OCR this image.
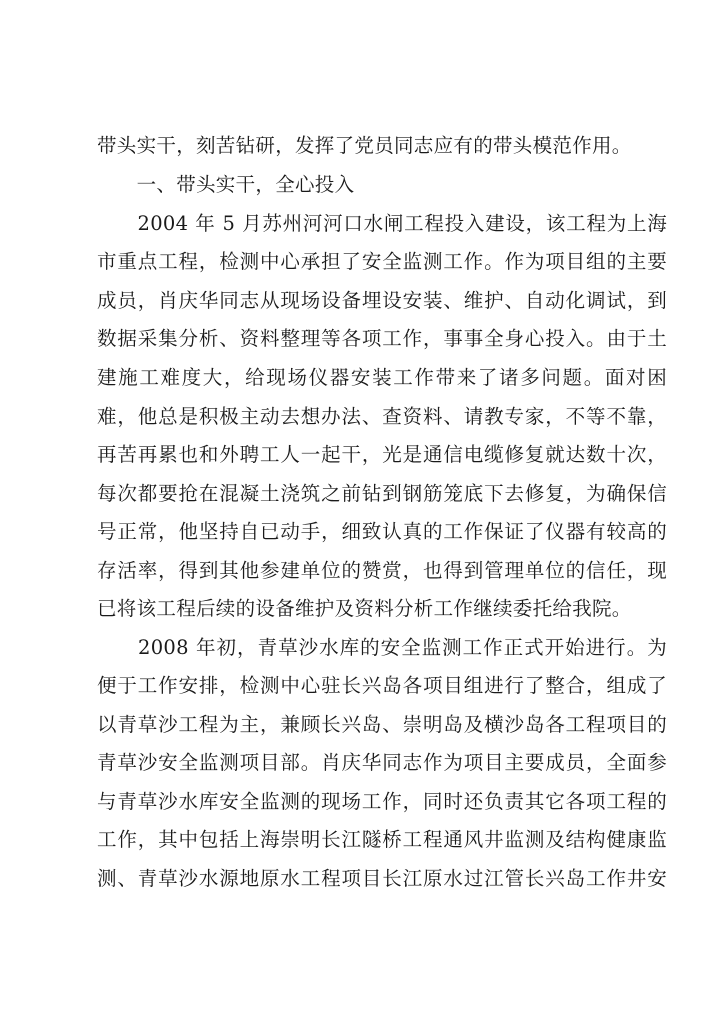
带头实干，刻苦钻研，发挥了党员同志应有的带头模范作用。
　　一、带头实干，全心投入
　　2004 年 5 月苏州河河口水闸工程投入建设，该工程为上海
市重点工程，检测中心承担了安全监测工作。作为项目组的主要
成员，肖庆华同志从现场设备埋设安装、维护、自动化调试，到
数据采集分析、资料整理等各项工作，事事全身心投入。由于土
建施工难度大，给现场仪器安装工作带来了诸多问题。面对困
难，他总是积极主动去想办法、查资料、请教专家，不等不靠，
再苦再累也和外聘工人一起干，光是通信电缆修复就达数十次，
每次都要抢在混凝土浇筑之前钻到钢筋笼底下去修复，为确保信
号正常，他坚持自已动手，细致认真的工作保证了仪器有较高的
存活率，得到其他参建单位的赞赏，也得到管理单位的信任，现
已将该工程后续的设备维护及资料分析工作继续委托给我院。
　　2008 年初，青草沙水库的安全监测工作正式开始进行。为
便于工作安排，检测中心驻长兴岛各项目组进行了整合，组成了
以青草沙工程为主，兼顾长兴岛、崇明岛及横沙岛各工程项目的
青草沙安全监测项目部。肖庆华同志作为项目主要成员，全面参
与青草沙水库安全监测的现场工作，同时还负责其它各项工程的
工作，其中包括上海崇明长江隧桥工程通风井监测及结构健康监
测、青草沙水源地原水工程项目长江原水过江管长兴岛工作井安
